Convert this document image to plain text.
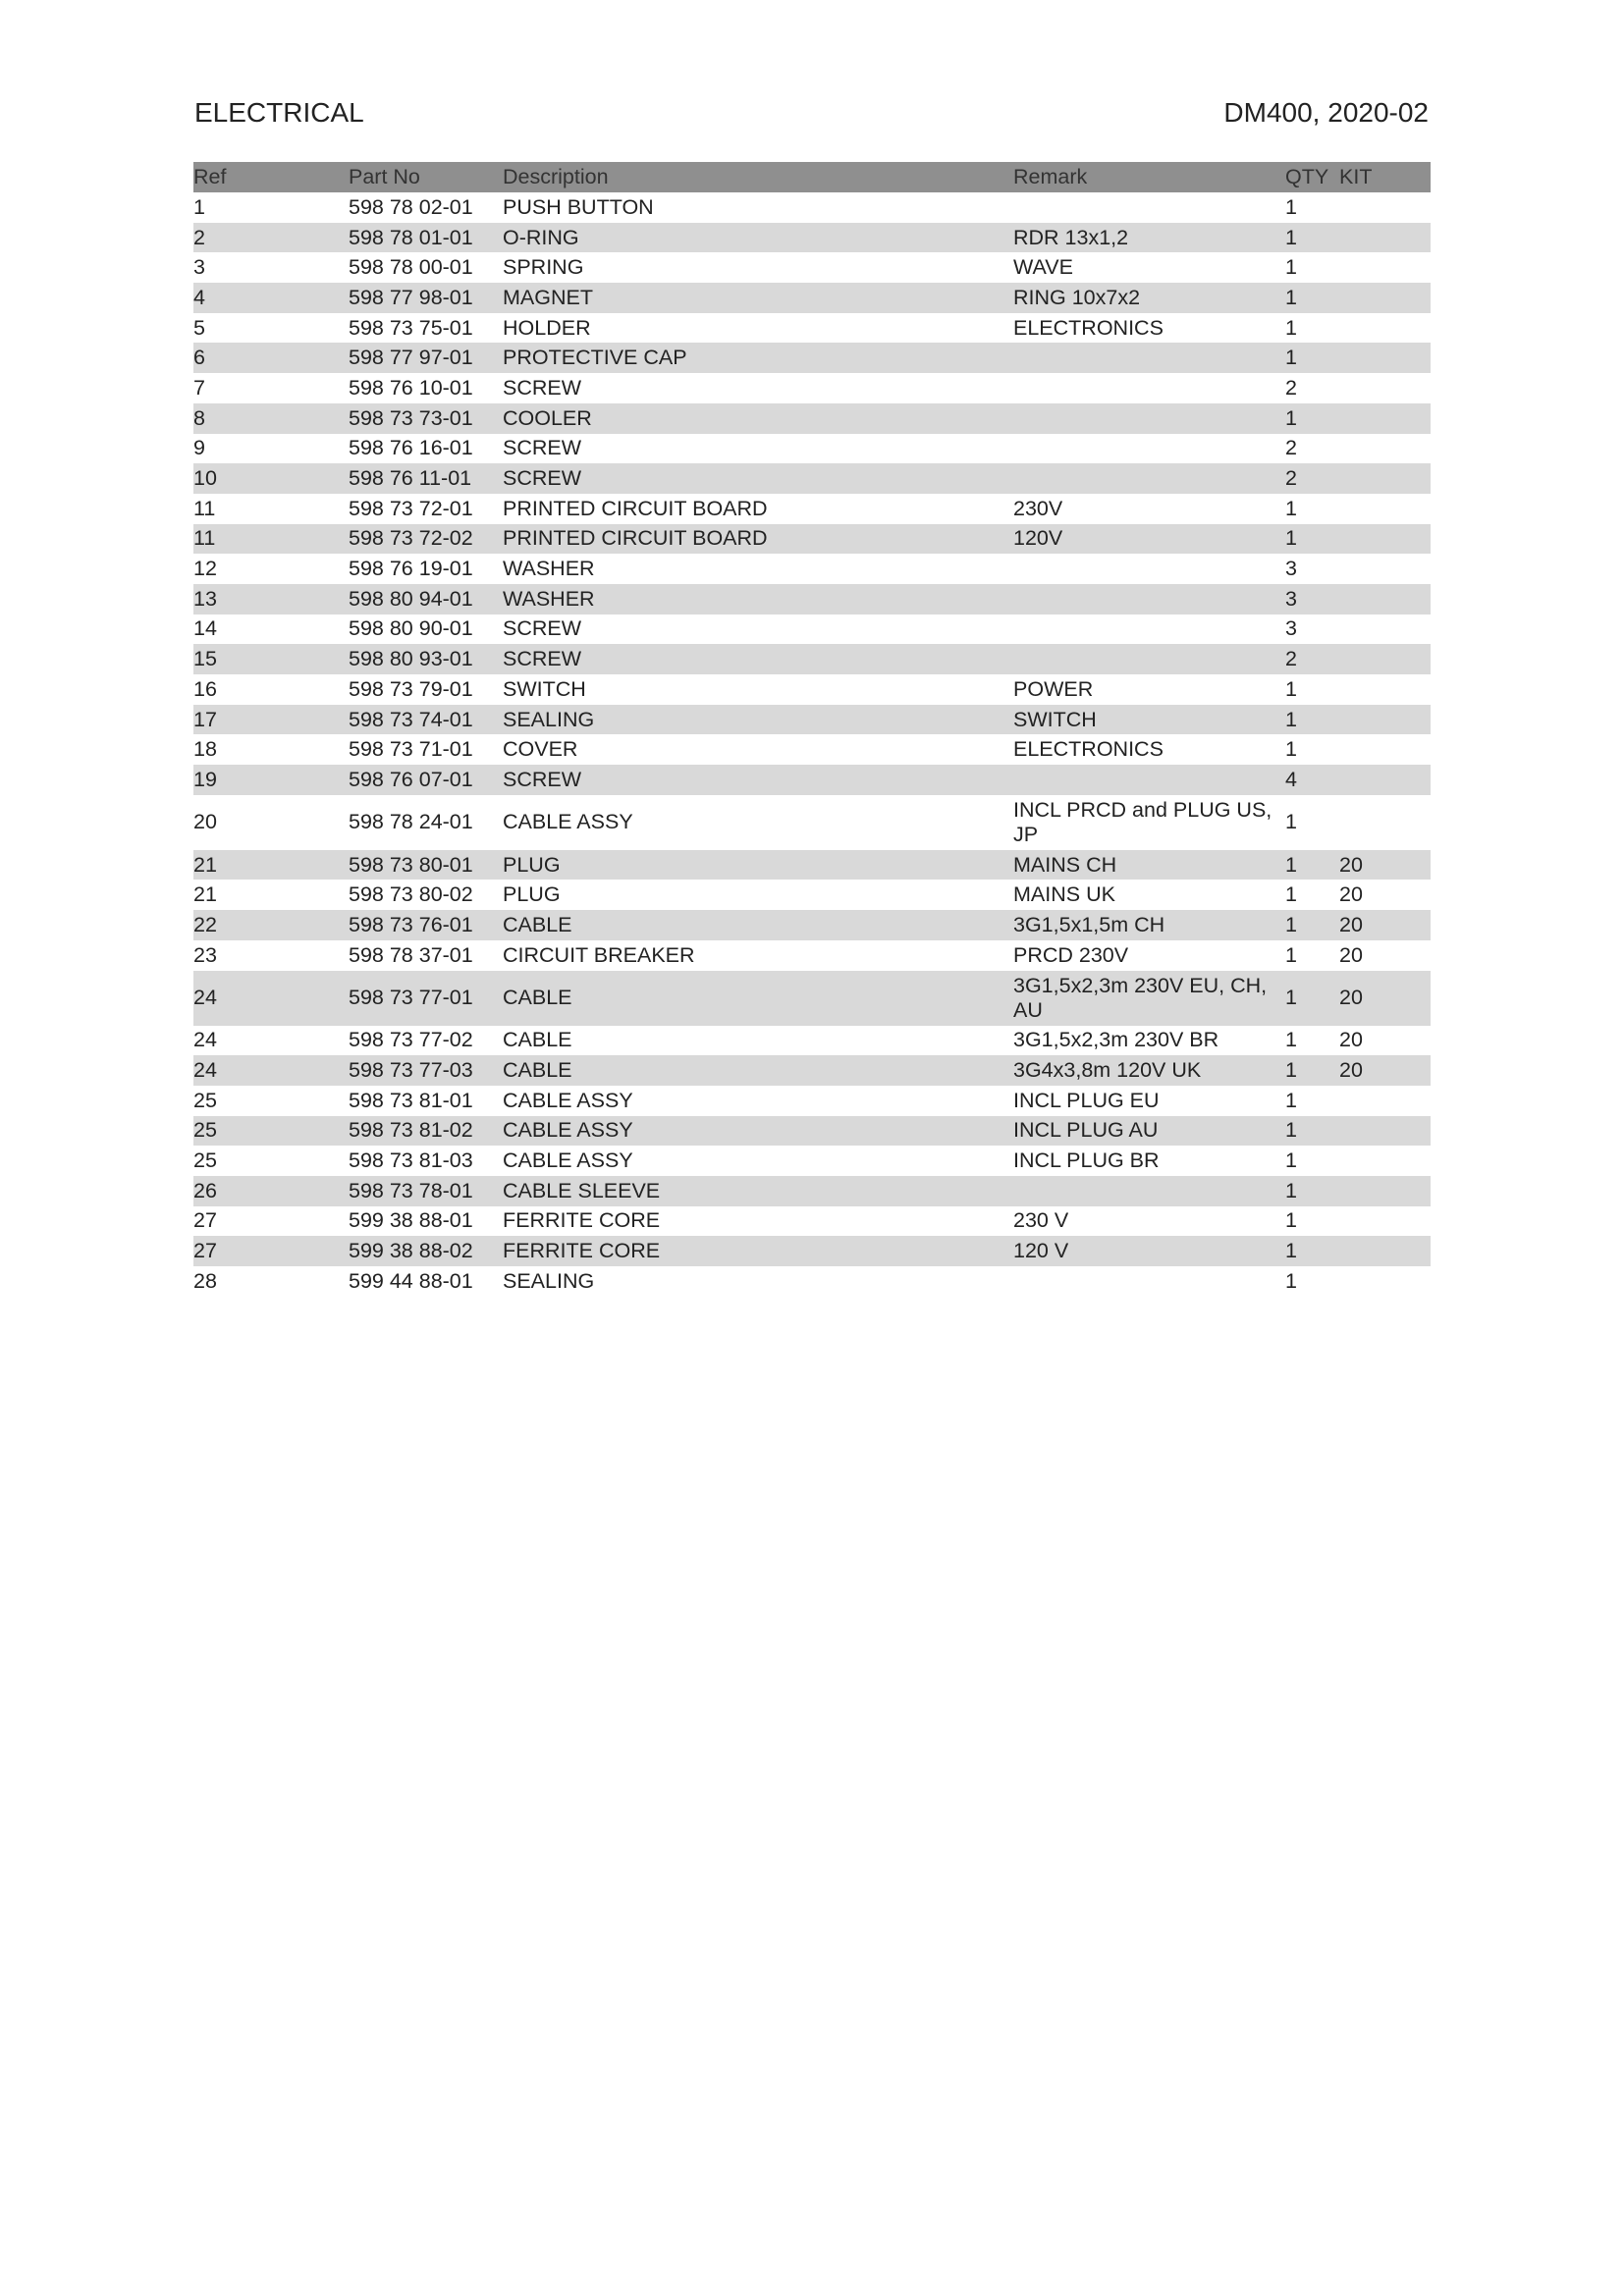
ELECTRICAL	DM400, 2020-02
Ref	Part No	Description	Remark	QTY	KIT
1	598 78 02-01	PUSH BUTTON		1	
2	598 78 01-01	O-RING	RDR 13x1,2	1	
3	598 78 00-01	SPRING	WAVE	1	
4	598 77 98-01	MAGNET	RING 10x7x2	1	
5	598 73 75-01	HOLDER	ELECTRONICS	1	
6	598 77 97-01	PROTECTIVE CAP		1	
7	598 76 10-01	SCREW		2	
8	598 73 73-01	COOLER		1	
9	598 76 16-01	SCREW		2	
10	598 76 11-01	SCREW		2	
11	598 73 72-01	PRINTED CIRCUIT BOARD	230V	1	
11	598 73 72-02	PRINTED CIRCUIT BOARD	120V	1	
12	598 76 19-01	WASHER		3	
13	598 80 94-01	WASHER		3	
14	598 80 90-01	SCREW		3	
15	598 80 93-01	SCREW		2	
16	598 73 79-01	SWITCH	POWER	1	
17	598 73 74-01	SEALING	SWITCH	1	
18	598 73 71-01	COVER	ELECTRONICS	1	
19	598 76 07-01	SCREW		4	
20	598 78 24-01	CABLE ASSY	INCL PRCD and PLUG US, JP	1	
21	598 73 80-01	PLUG	MAINS CH	1	20
21	598 73 80-02	PLUG	MAINS UK	1	20
22	598 73 76-01	CABLE	3G1,5x1,5m CH	1	20
23	598 78 37-01	CIRCUIT BREAKER	PRCD 230V	1	20
24	598 73 77-01	CABLE	3G1,5x2,3m 230V EU, CH, AU	1	20
24	598 73 77-02	CABLE	3G1,5x2,3m 230V BR	1	20
24	598 73 77-03	CABLE	3G4x3,8m 120V UK	1	20
25	598 73 81-01	CABLE ASSY	INCL PLUG EU	1	
25	598 73 81-02	CABLE ASSY	INCL PLUG AU	1	
25	598 73 81-03	CABLE ASSY	INCL PLUG BR	1	
26	598 73 78-01	CABLE SLEEVE		1	
27	599 38 88-01	FERRITE CORE	230 V	1	
27	599 38 88-02	FERRITE CORE	120 V	1	
28	599 44 88-01	SEALING		1	
